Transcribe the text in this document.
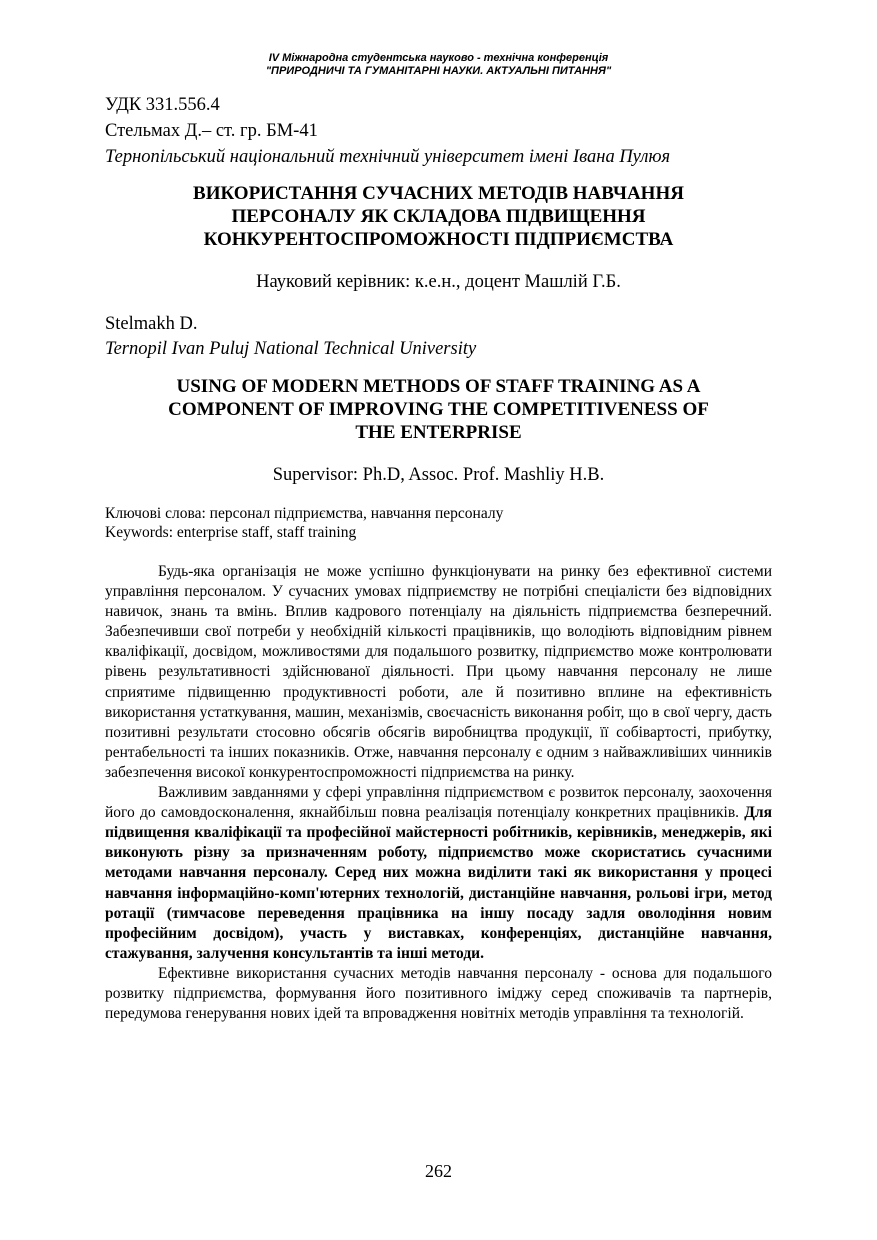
IV Міжнародна студентська науково - технічна конференція
"ПРИРОДНИЧІ ТА ГУМАНІТАРНІ НАУКИ. АКТУАЛЬНІ ПИТАННЯ"
УДК 331.556.4
Стельмах Д.– ст. гр. БМ-41
Тернопільський національний технічний університет імені Івана Пулюя
ВИКОРИСТАННЯ СУЧАСНИХ МЕТОДІВ НАВЧАННЯ
ПЕРСОНАЛУ ЯК СКЛАДОВА ПІДВИЩЕННЯ
КОНКУРЕНТОСПРОМОЖНОСТІ ПІДПРИЄМСТВА
Науковий керівник: к.е.н., доцент Машлій Г.Б.
Stelmakh D.
Ternopil Ivan Puluj National Technical University
USING OF MODERN METHODS OF STAFF TRAINING AS A
COMPONENT OF IMPROVING THE COMPETITIVENESS OF
THE ENTERPRISE
Supervisor: Ph.D, Assoc. Prof. Mashliy H.B.
Ключові слова: персонал підприємства, навчання персоналу
Keywords: enterprise staff, staff training

Будь-яка організація не може успішно функціонувати на ринку без ефективної системи управління персоналом. У сучасних умовах підприємству не потрібні спеціалісти без відповідних навичок, знань та вмінь. Вплив кадрового потенціалу на діяльність підприємства безперечний. Забезпечивши свої потреби у необхідній кількості працівників, що володіють відповідним рівнем кваліфікації, досвідом, можливостями для подальшого розвитку, підприємство може контролювати рівень результативності здійснюваної діяльності. При цьому навчання персоналу не лише сприятиме підвищенню продуктивності роботи, але й позитивно вплине на ефективність використання устаткування, машин, механізмів, своєчасність виконання робіт, що в свої чергу, дасть позитивні результати стосовно обсягів обсягів виробництва продукції, її собівартості, прибутку, рентабельності та інших показників. Отже, навчання персоналу є одним з найважливіших чинників забезпечення високої конкурентоспроможності підприємства на ринку.

Важливим завданнями у сфері управління підприємством є розвиток персоналу, заохочення його до самовдосконалення, якнайбільш повна реалізація потенціалу конкретних працівників. Для підвищення кваліфікації та професійної майстерності робітників, керівників, менеджерів, які виконують різну за призначенням роботу, підприємство може скористатись сучасними методами навчання персоналу. Серед них можна виділити такі як використання у процесі навчання інформаційно-комп'ютерних технологій, дистанційне навчання, рольові ігри, метод ротації (тимчасове переведення працівника на іншу посаду задля оволодіння новим професійним досвідом), участь у виставках, конференціях, дистанційне навчання, стажування, залучення консультантів та інші методи.

Ефективне використання сучасних методів навчання персоналу - основа для подальшого розвитку підприємства, формування його позитивного іміджу серед споживачів та партнерів, передумова генерування нових ідей та впровадження новітніх методів управління та технологій.

262
